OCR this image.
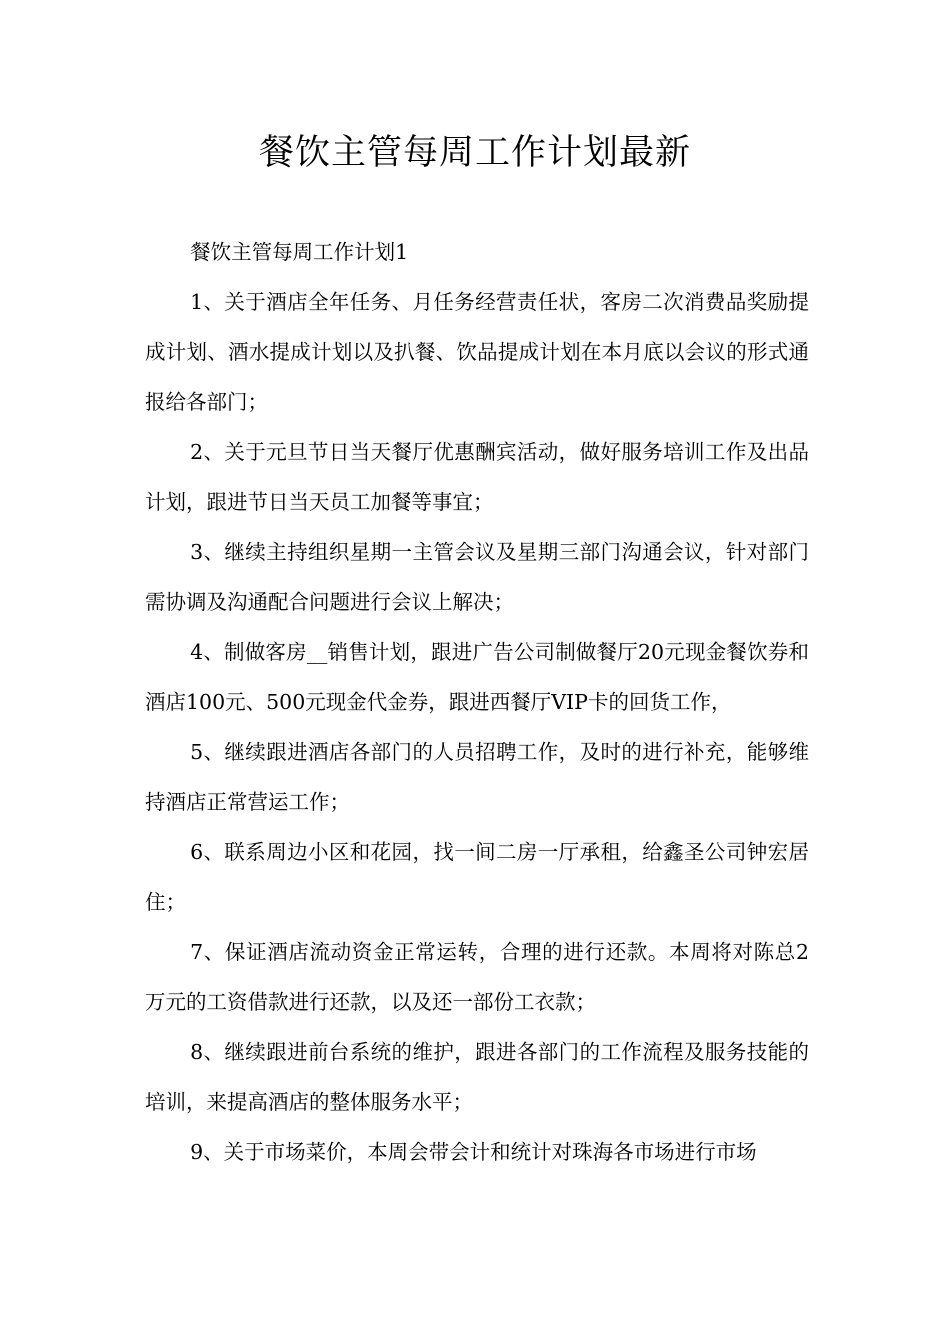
餐饮主管每周工作计划最新

餐饮主管每周工作计划1

1、关于酒店全年任务、月任务经营责任状，客房二次消费品奖励提成计划、酒水提成计划以及扒餐、饮品提成计划在本月底以会议的形式通报给各部门；

2、关于元旦节日当天餐厅优惠酬宾活动，做好服务培训工作及出品计划，跟进节日当天员工加餐等事宜；

3、继续主持组织星期一主管会议及星期三部门沟通会议，针对部门需协调及沟通配合问题进行会议上解决；

4、制做客房__销售计划，跟进广告公司制做餐厅20元现金餐饮券和酒店100元、500元现金代金券，跟进西餐厅VIP卡的回货工作，

5、继续跟进酒店各部门的人员招聘工作，及时的进行补充，能够维持酒店正常营运工作；

6、联系周边小区和花园，找一间二房一厅承租，给鑫圣公司钟宏居住；

7、保证酒店流动资金正常运转，合理的进行还款。本周将对陈总2万元的工资借款进行还款，以及还一部份工衣款；

8、继续跟进前台系统的维护，跟进各部门的工作流程及服务技能的培训，来提高酒店的整体服务水平；

9、关于市场菜价，本周会带会计和统计对珠海各市场进行市场
